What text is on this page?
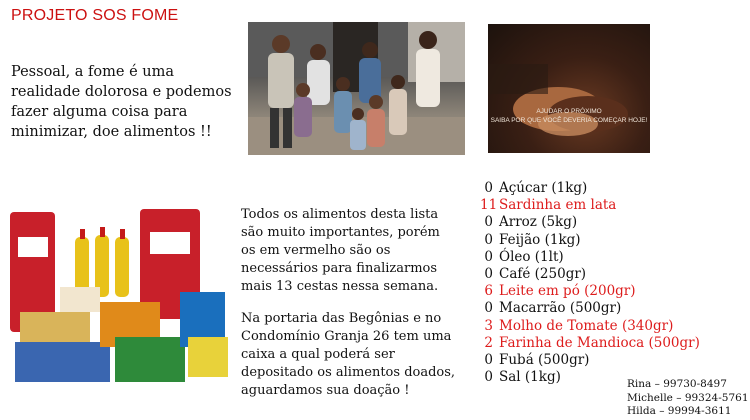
PROJETO SOS FOME
Pessoal, a fome é uma realidade dolorosa e podemos fazer alguma coisa para minimizar, doe alimentos !!
AJUDAR O PRÓXIMO
SAIBA POR QUE VOCÊ DEVERIA COMEÇAR HOJE!
Todos os alimentos desta lista são muito importantes, porém os em vermelho são os necessários para finalizarmos mais 13 cestas nessa semana.
Na portaria das Begônias e no Condomínio Granja 26 tem uma caixa a qual poderá ser depositado os alimentos doados, aguardamos sua doação !
0 Açúcar (1kg)
11 Sardinha em lata
0 Arroz (5kg)
0 Feijão (1kg)
0 Óleo (1lt)
0 Café (250gr)
6 Leite em pó (200gr)
0 Macarrão (500gr)
3 Molho de Tomate (340gr)
2 Farinha de Mandioca (500gr)
0 Fubá (500gr)
0 Sal (1kg)	Rina – 99730-8497
Michelle – 99324-5761
Hilda – 99994-3611
